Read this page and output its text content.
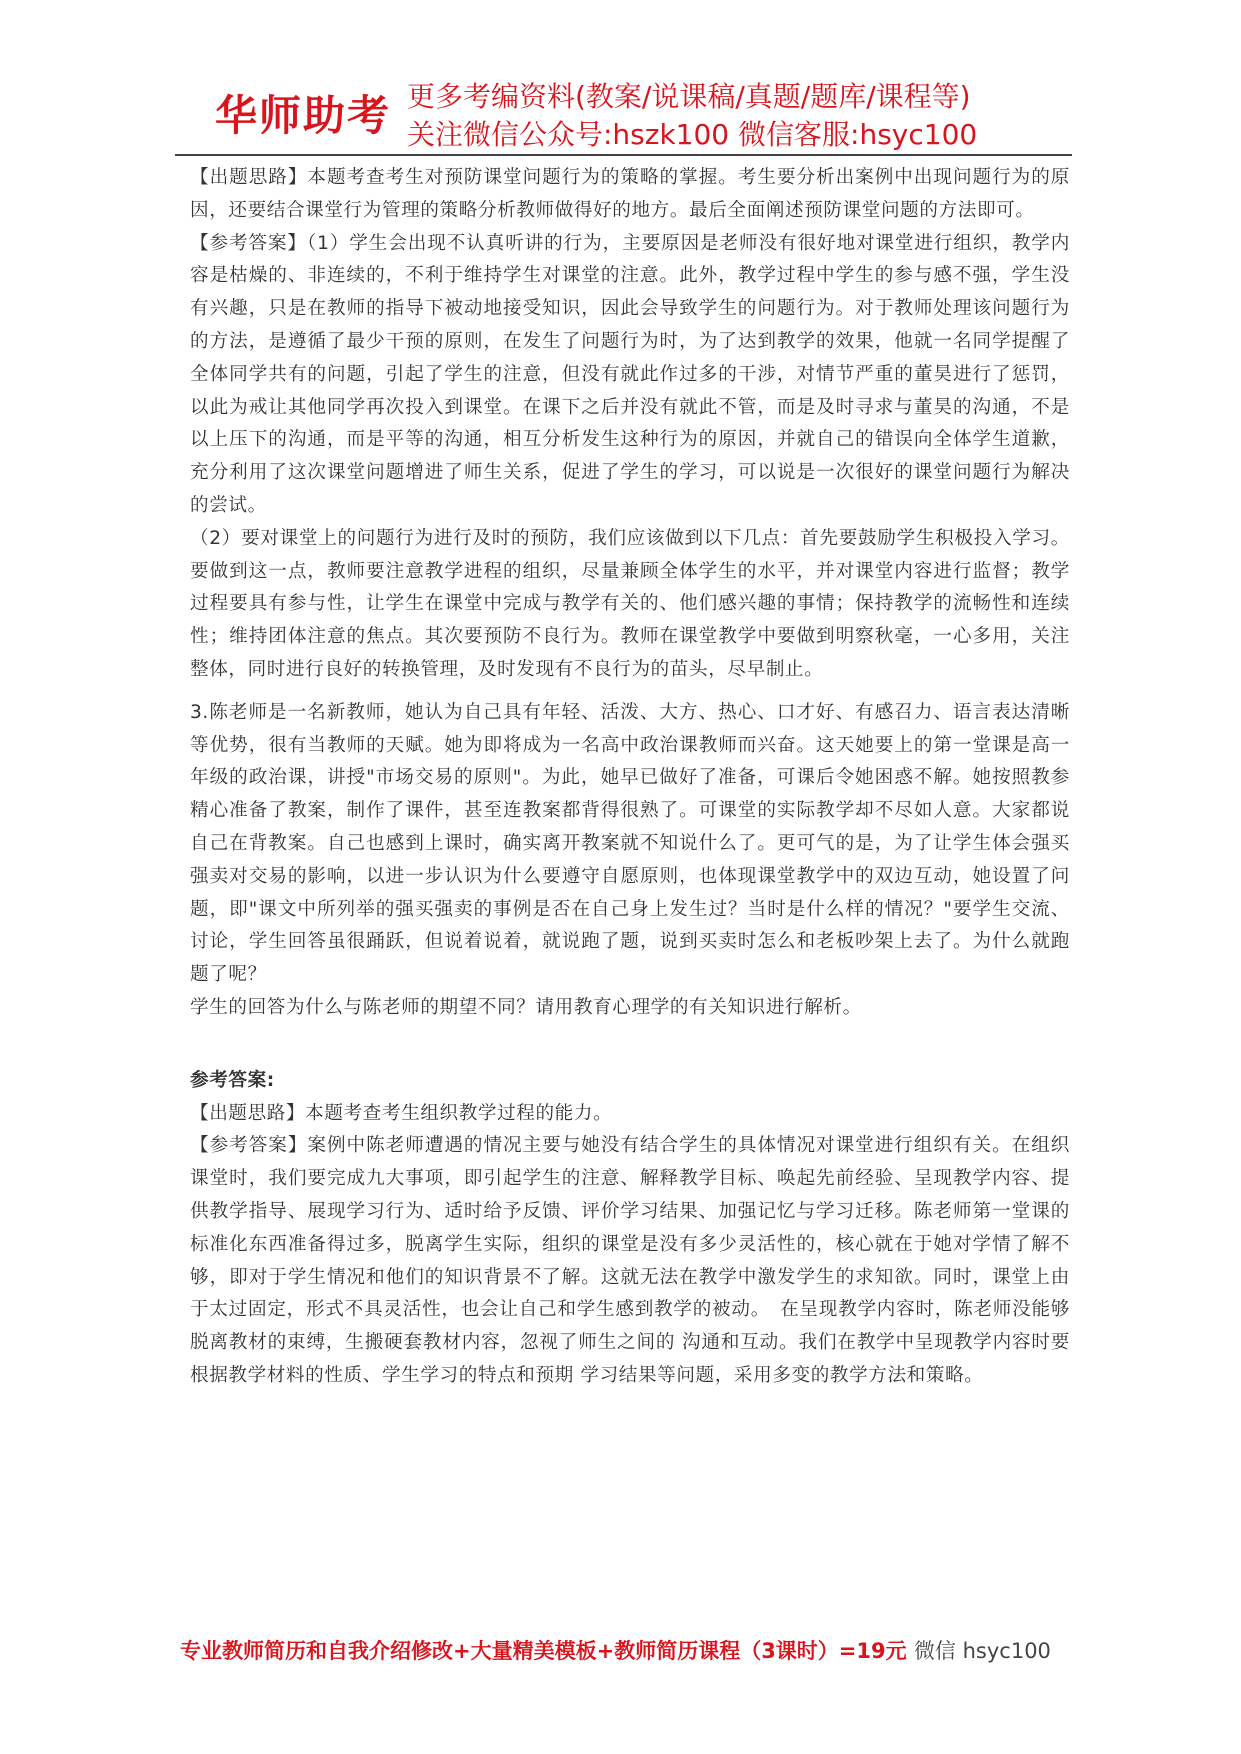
华师助考 更多考编资料(教案/说课稿/真题/题库/课程等)
关注微信公众号:hszk100 微信客服:hsyc100

【出题思路】本题考查考生对预防课堂问题行为的策略的掌握。考生要分析出案例中出现问题行为的原因，还要结合课堂行为管理的策略分析教师做得好的地方。最后全面阐述预防课堂问题的方法即可。

【参考答案】（1）学生会出现不认真听讲的行为，主要原因是老师没有很好地对课堂进行组织，教学内容是枯燥的、非连续的，不利于维持学生对课堂的注意。此外，教学过程中学生的参与感不强，学生没有兴趣，只是在教师的指导下被动地接受知识，因此会导致学生的问题行为。对于教师处理该问题行为的方法，是遵循了最少干预的原则，在发生了问题行为时，为了达到教学的效果，他就一名同学提醒了全体同学共有的问题，引起了学生的注意，但没有就此作过多的干涉，对情节严重的董昊进行了惩罚，以此为戒让其他同学再次投入到课堂。在课下之后并没有就此不管，而是及时寻求与董昊的沟通，不是以上压下的沟通，而是平等的沟通，相互分析发生这种行为的原因，并就自己的错误向全体学生道歉，充分利用了这次课堂问题增进了师生关系，促进了学生的学习，可以说是一次很好的课堂问题行为解决的尝试。

（2）要对课堂上的问题行为进行及时的预防，我们应该做到以下几点：首先要鼓励学生积极投入学习。要做到这一点，教师要注意教学进程的组织，尽量兼顾全体学生的水平，并对课堂内容进行监督；教学过程要具有参与性，让学生在课堂中完成与教学有关的、他们感兴趣的事情；保持教学的流畅性和连续性；维持团体注意的焦点。其次要预防不良行为。教师在课堂教学中要做到明察秋毫，一心多用，关注整体，同时进行良好的转换管理，及时发现有不良行为的苗头，尽早制止。

3.陈老师是一名新教师，她认为自己具有年轻、活泼、大方、热心、口才好、有感召力、语言表达清晰等优势，很有当教师的天赋。她为即将成为一名高中政治课教师而兴奋。这天她要上的第一堂课是高一年级的政治课，讲授"市场交易的原则"。为此，她早已做好了准备，可课后令她困惑不解。她按照教参精心准备了教案，制作了课件，甚至连教案都背得很熟了。可课堂的实际教学却不尽如人意。大家都说自己在背教案。自己也感到上课时，确实离开教案就不知说什么了。更可气的是，为了让学生体会强买强卖对交易的影响，以进一步认识为什么要遵守自愿原则，也体现课堂教学中的双边互动，她设置了问题，即"课文中所列举的强买强卖的事例是否在自己身上发生过？当时是什么样的情况？"要学生交流、讨论，学生回答虽很踊跃，但说着说着，就说跑了题，说到买卖时怎么和老板吵架上去了。为什么就跑题了呢？

学生的回答为什么与陈老师的期望不同？请用教育心理学的有关知识进行解析。

参考答案:

【出题思路】本题考查考生组织教学过程的能力。

【参考答案】案例中陈老师遭遇的情况主要与她没有结合学生的具体情况对课堂进行组织有关。在组织课堂时，我们要完成九大事项，即引起学生的注意、解释教学目标、唤起先前经验、呈现教学内容、提供教学指导、展现学习行为、适时给予反馈、评价学习结果、加强记忆与学习迁移。陈老师第一堂课的标准化东西准备得过多，脱离学生实际，组织的课堂是没有多少灵活性的，核心就在于她对学情了解不够，即对于学生情况和他们的知识背景不了解。这就无法在教学中激发学生的求知欲。同时，课堂上由于太过固定，形式不具灵活性，也会让自己和学生感到教学的被动。　在呈现教学内容时，陈老师没能够脱离教材的束缚，生搬硬套教材内容，忽视了师生之间的 沟通和互动。我们在教学中呈现教学内容时要根据教学材料的性质、学生学习的特点和预期 学习结果等问题，采用多变的教学方法和策略。

专业教师简历和自我介绍修改+大量精美模板+教师简历课程（3课时）=19元 微信 hsyc100
